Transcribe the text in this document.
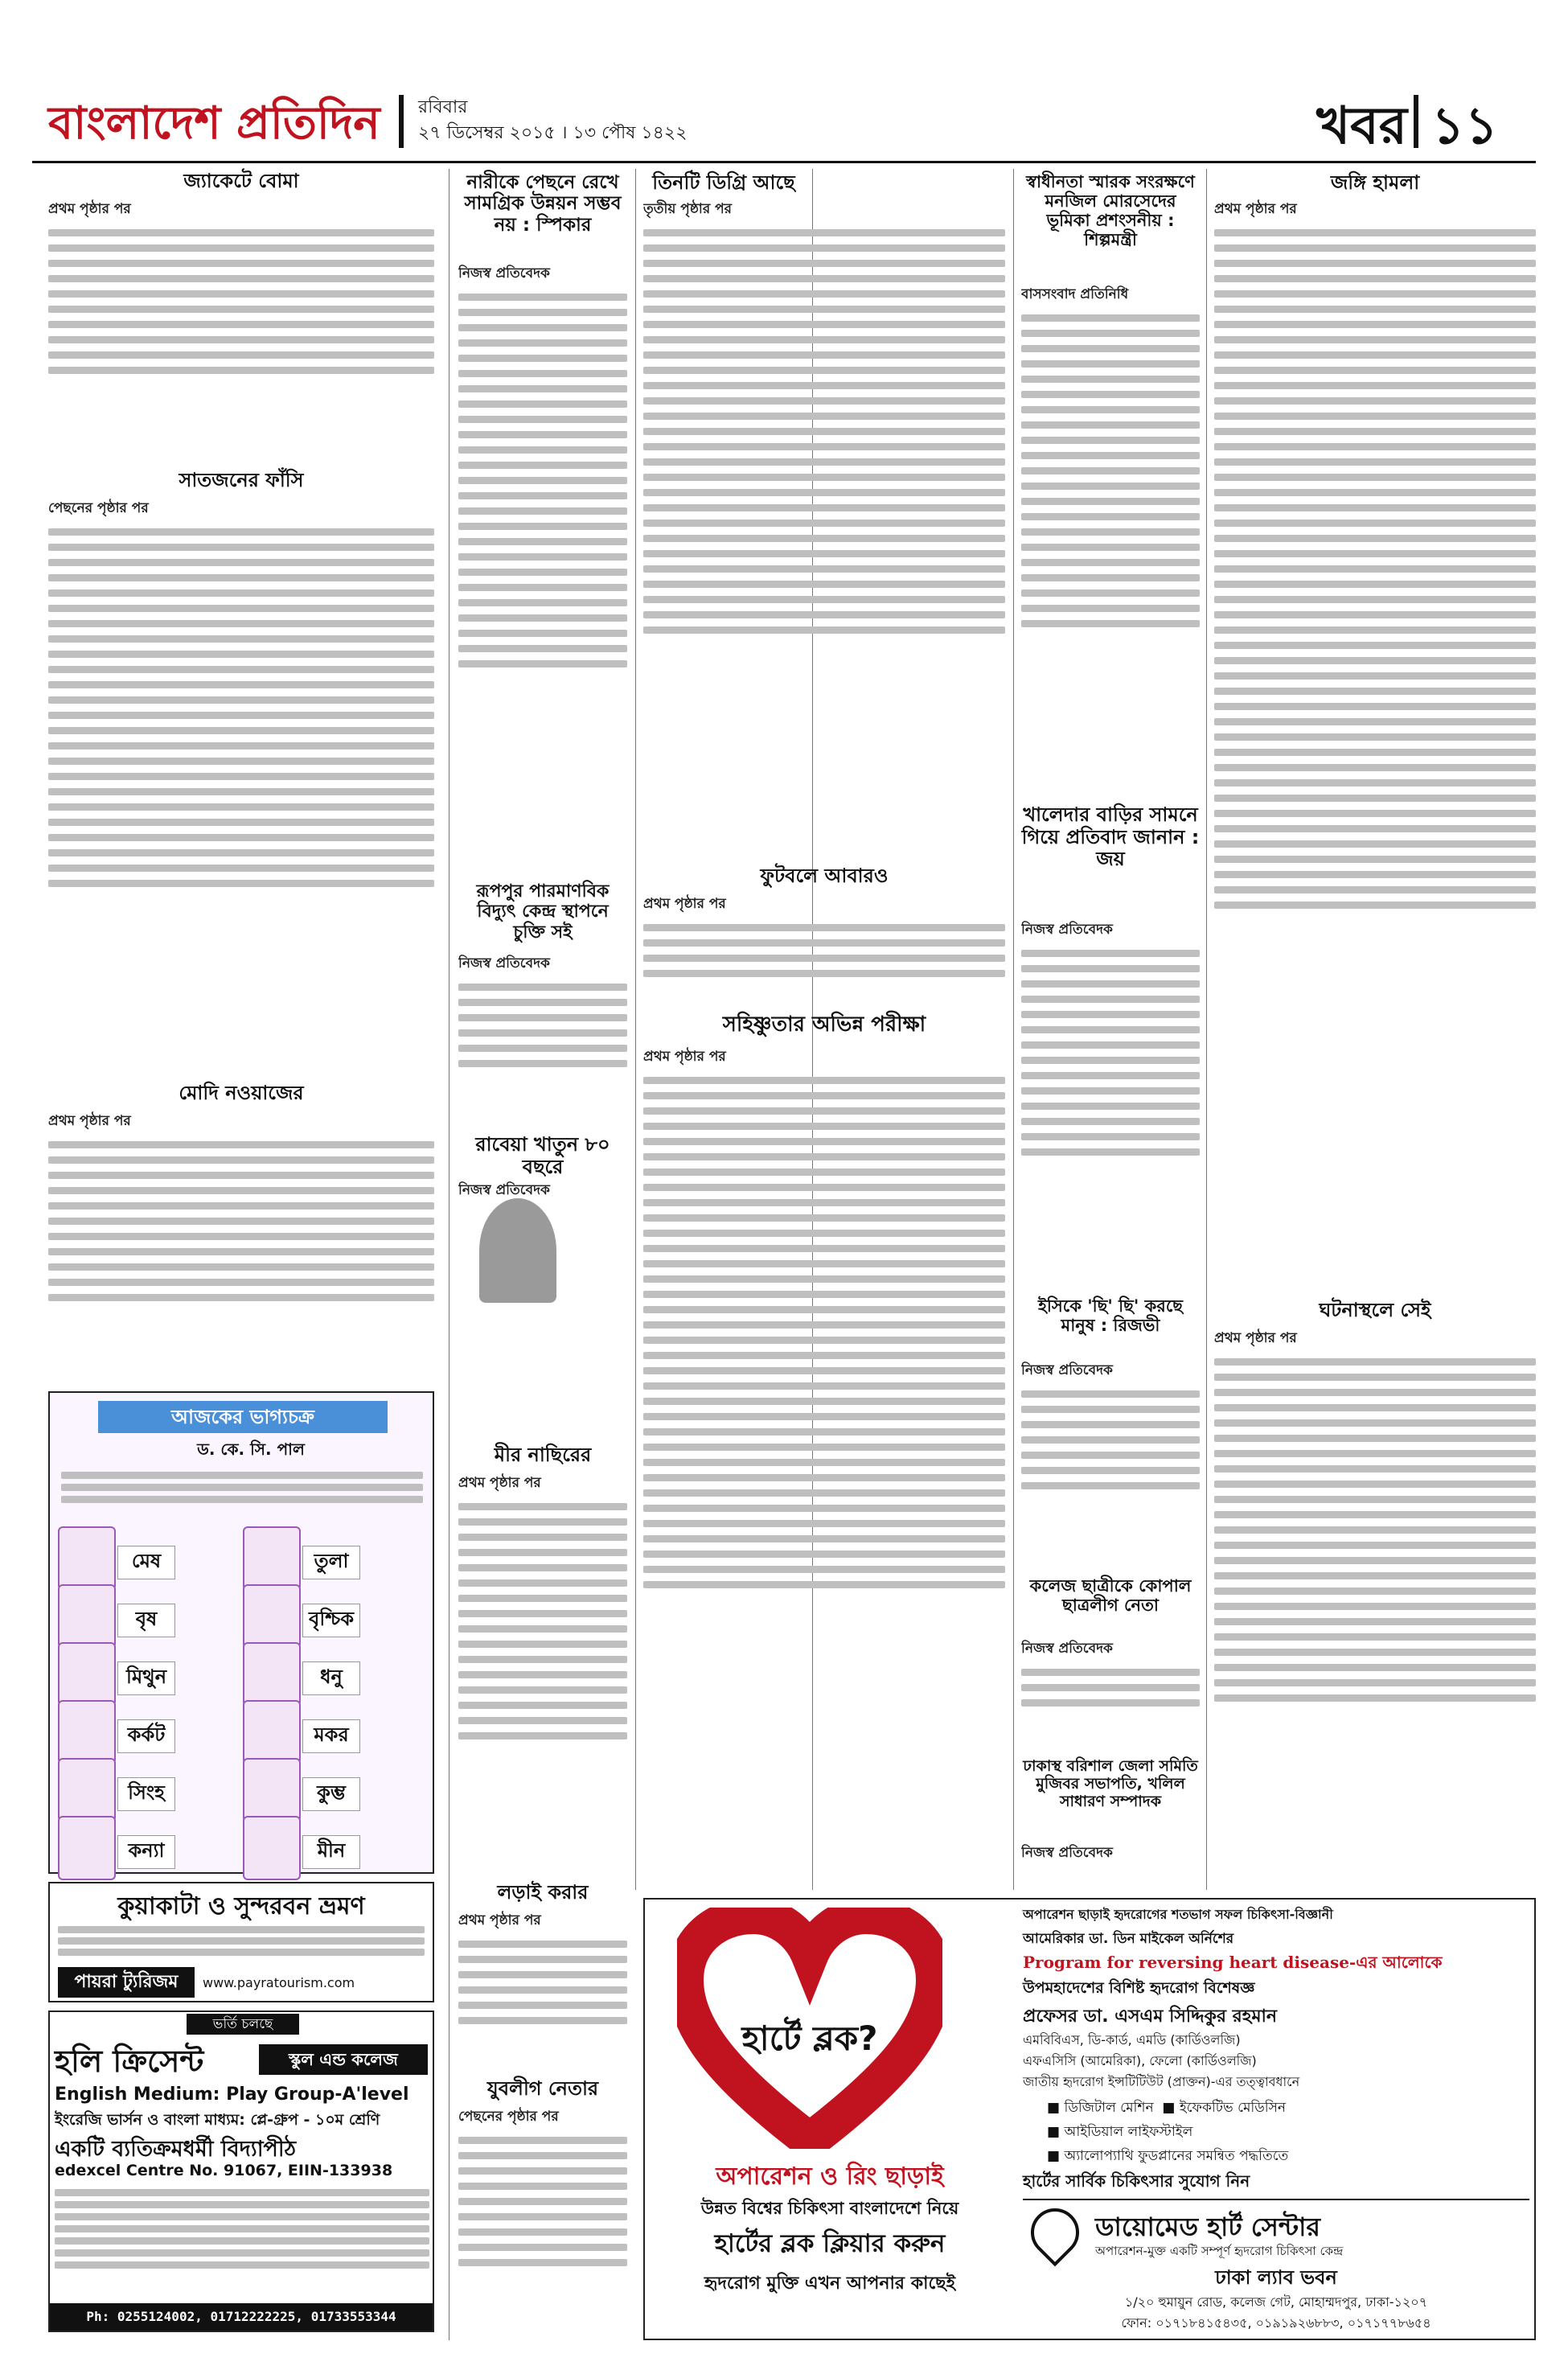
বাংলাদেশ প্রতিদিন	রবিবার
২৭ ডিসেম্বর ২০১৫ । ১৩ পৌষ ১৪২২	খবর ১১
জ্যাকেটে বোমা
প্রথম পৃষ্ঠার পর
সাতজনের ফাঁসি
পেছনের পৃষ্ঠার পর
মোদি নওয়াজের
প্রথম পৃষ্ঠার পর
আজকের ভাগ্যচক্র
ড. কে. সি. পাল
মেষ	তুলা
বৃষ	বৃশ্চিক
মিথুন	ধনু
কর্কট	মকর
সিংহ	কুম্ভ
কন্যা	মীন
কুয়াকাটা ও সুন্দরবন ভ্রমণ
পায়রা ট্যুরিজম	www.payratourism.com
ভর্তি চলছে
হলি ক্রিসেন্ট	স্কুল এন্ড কলেজ
English Medium: Play Group-A'level
ইংরেজি ভার্সন ও বাংলা মাধ্যম: প্লে-গ্রুপ - ১০ম শ্রেণি
একটি ব্যতিক্রমধর্মী বিদ্যাপীঠ
edexcel Centre No. 91067, EIIN-133938
Ph: 0255124002, 01712222225, 01733553344
নারীকে পেছনে রেখে সামগ্রিক উন্নয়ন সম্ভব নয় : স্পিকার
নিজস্ব প্রতিবেদক
রূপপুর পারমাণবিক বিদ্যুৎ কেন্দ্র স্থাপনে চুক্তি সই
নিজস্ব প্রতিবেদক
রাবেয়া খাতুন ৮০ বছরে
নিজস্ব প্রতিবেদক
মীর নাছিরের
প্রথম পৃষ্ঠার পর
লড়াই করার
প্রথম পৃষ্ঠার পর
যুবলীগ নেতার
পেছনের পৃষ্ঠার পর
তিনটি ডিগ্রি আছে
তৃতীয় পৃষ্ঠার পর
ফুটবলে আবারও
প্রথম পৃষ্ঠার পর
সহিষ্ণুতার অভিন্ন পরীক্ষা
প্রথম পৃষ্ঠার পর
স্বাধীনতা স্মারক সংরক্ষণে মনজিল মোরসেদের ভূমিকা প্রশংসনীয় : শিল্পমন্ত্রী
বাসসংবাদ প্রতিনিধি
খালেদার বাড়ির সামনে গিয়ে প্রতিবাদ জানান : জয়
নিজস্ব প্রতিবেদক
ইসিকে 'ছি' ছি' করছে মানুষ : রিজভী
নিজস্ব প্রতিবেদক
কলেজ ছাত্রীকে কোপাল ছাত্রলীগ নেতা
নিজস্ব প্রতিবেদক
ঢাকাস্থ বরিশাল জেলা সমিতি মুজিবর সভাপতি, খলিল সাধারণ সম্পাদক
নিজস্ব প্রতিবেদক
জঙ্গি হামলা
প্রথম পৃষ্ঠার পর
ঘটনাস্থলে সেই
প্রথম পৃষ্ঠার পর
হার্টে ব্লক?
অপারেশন ও রিং ছাড়াই
উন্নত বিশ্বের চিকিৎসা বাংলাদেশে নিয়ে
হার্টের ব্লক ক্লিয়ার করুন
হৃদরোগ মুক্তি এখন আপনার কাছেই
অপারেশন ছাড়াই হৃদরোগের শতভাগ সফল চিকিৎসা-বিজ্ঞানী
আমেরিকার ডা. ডিন মাইকেল অর্নিশের
Program for reversing heart disease-এর আলোকে
উপমহাদেশের বিশিষ্ট হৃদরোগ বিশেষজ্ঞ
প্রফেসর ডা. এসএম সিদ্দিকুর রহমান
এমবিবিএস, ডি-কার্ড, এমডি (কার্ডিওলজি)
এফএসিসি (আমেরিকা), ফেলো (কার্ডিওলজি)
জাতীয় হৃদরোগ ইন্সটিটিউট (প্রাক্তন)-এর তত্ত্বাবধানে
■ ডিজিটাল মেশিন  ■ ইফেকটিভ মেডিসিন
■ আইডিয়াল লাইফস্টাইল
■ অ্যালোপ্যাথি ফুডপ্লানের সমন্বিত পদ্ধতিতে
হার্টের সার্বিক চিকিৎসার সুযোগ নিন
ডায়োমেড হার্ট সেন্টার
অপারেশন-মুক্ত একটি সম্পূর্ণ হৃদরোগ চিকিৎসা কেন্দ্র
ঢাকা ল্যাব ভবন
১/২০ হুমায়ুন রোড, কলেজ গেট, মোহাম্মদপুর, ঢাকা-১২০৭
ফোন: ০১৭১৮৪১৫৪৩৫, ০১৯১৯২৬৮৮৩, ০১৭১৭৭৮৬৫৪
